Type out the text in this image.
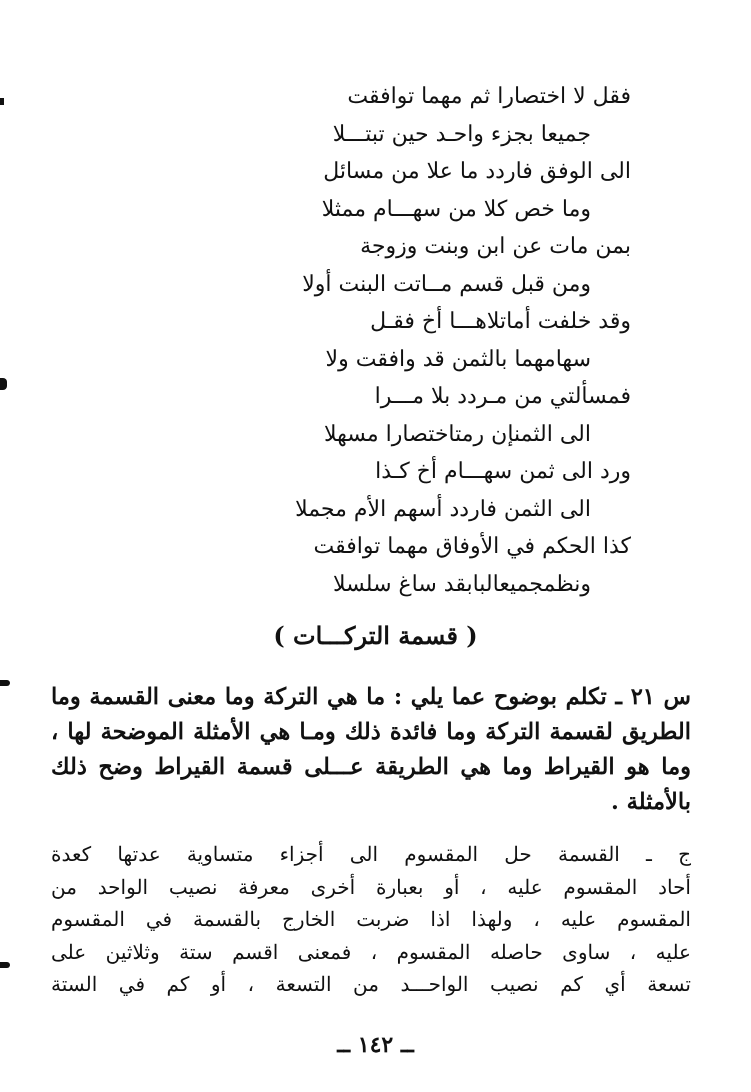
فقل لا اختصارا ثم مهما توافقت
جميعا بجزء واحـد حين تبتـــلا
الى الوفق فاردد ما علا من مسائل
وما خص كلا من سهـــام ممثلا
بمن مات عن ابن وبنت وزوجة
ومن قبل قسم مــاتت البنت أولا
وقد خلفت أماتلاهـــا أخ فقـل
سهامهما بالثمن قد وافقت ولا
فمسألتي من مـردد بلا مـــرا
الى الثمنإن رمتاختصارا مسهلا
ورد الى ثمن سهـــام أخ كـذا
الى الثمن فاردد أسهم الأم مجملا
كذا الحكم في الأوفاق مهما توافقت
ونظمجميعالبابقد ساغ سلسلا
( قسمة التركـــات )
س ٢١ ـ تكلم بوضوح عما يلي : ما هي التركة وما معنى القسمة وما الطريق لقسمة التركة وما فائدة ذلك ومـا هي الأمثلة الموضحة لها ، وما هو القيراط وما هي الطريقة عـــلى قسمة القيراط وضح ذلك بالأمثلة .
ج ـ القسمة حل المقسوم الى أجزاء متساوية عدتها كعدة
أحاد المقسوم عليه ، أو بعبارة أخرى معرفة نصيب الواحد من
المقسوم عليه ، ولهذا اذا ضربت الخارج بالقسمة في المقسوم
عليه ، ساوى حاصله المقسوم ، فمعنى اقسم ستة وثلاثين على
تسعة أي كم نصيب الواحـــد من التسعة ، أو كم في الستة
ــ ١٤٢ ــ
